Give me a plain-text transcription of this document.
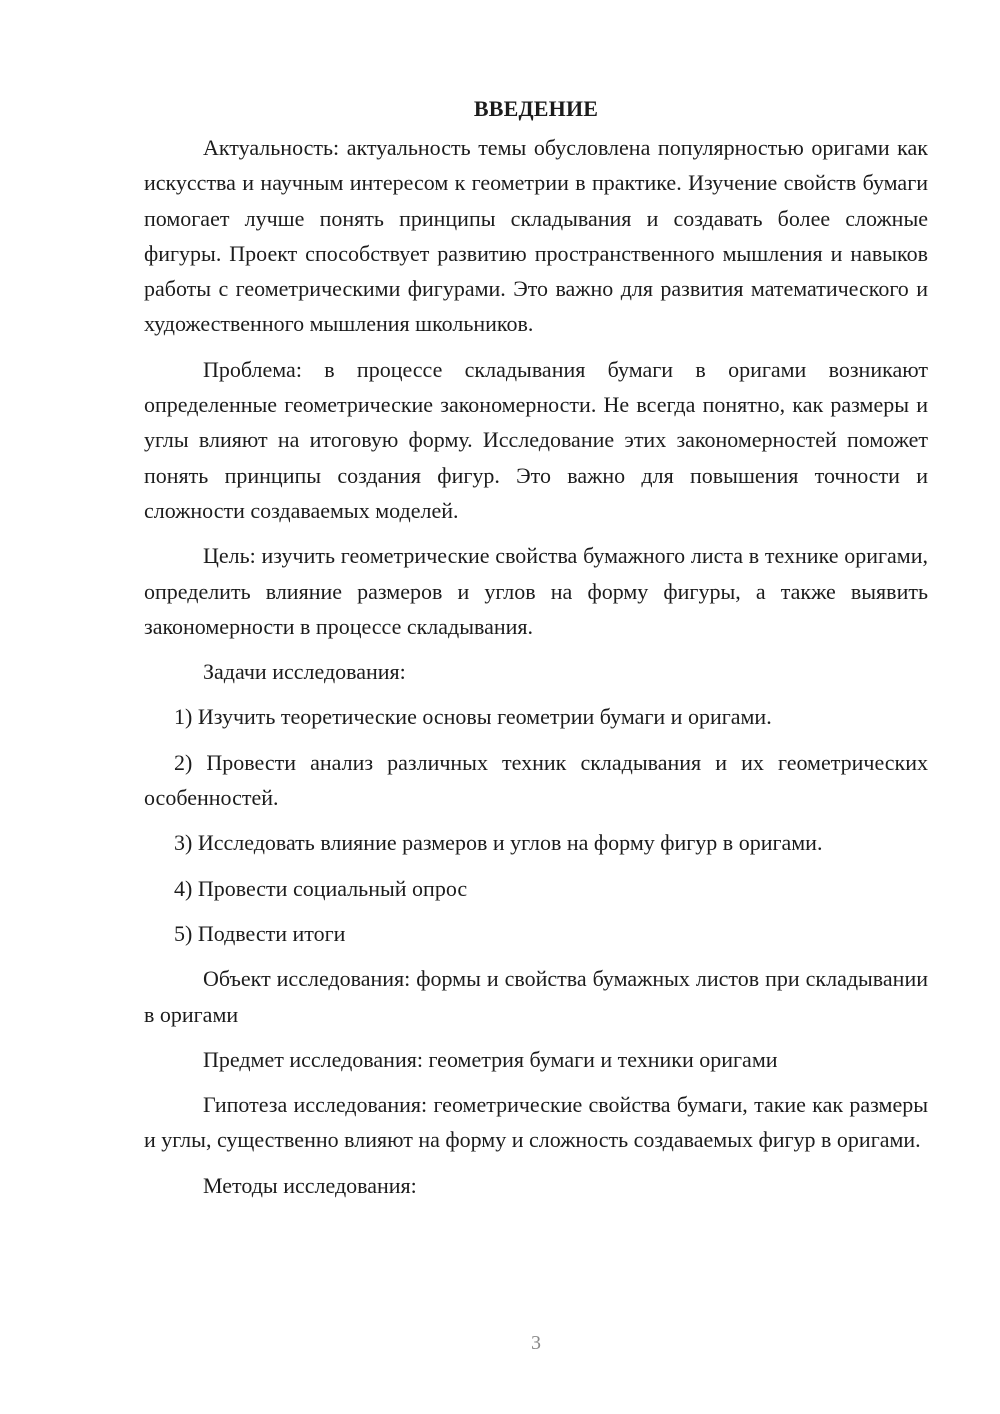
ВВЕДЕНИЕ

Актуальность: актуальность темы обусловлена популярностью оригами как искусства и научным интересом к геометрии в практике. Изучение свойств бумаги помогает лучше понять принципы складывания и создавать более сложные фигуры. Проект способствует развитию пространственного мышления и навыков работы с геометрическими фигурами. Это важно для развития математического и художественного мышления школьников.

Проблема: в процессе складывания бумаги в оригами возникают определенные геометрические закономерности. Не всегда понятно, как размеры и углы влияют на итоговую форму. Исследование этих закономерностей поможет понять принципы создания фигур. Это важно для повышения точности и сложности создаваемых моделей.

Цель: изучить геометрические свойства бумажного листа в технике оригами, определить влияние размеров и углов на форму фигуры, а также выявить закономерности в процессе складывания.

Задачи исследования:

1) Изучить теоретические основы геометрии бумаги и оригами.

2) Провести анализ различных техник складывания и их геометрических особенностей.

3) Исследовать влияние размеров и углов на форму фигур в оригами.

4) Провести социальный опрос

5) Подвести итоги

Объект исследования: формы и свойства бумажных листов при складывании в оригами

Предмет исследования: геометрия бумаги и техники оригами

Гипотеза исследования: геометрические свойства бумаги, такие как размеры и углы, существенно влияют на форму и сложность создаваемых фигур в оригами.

Методы исследования:

3
